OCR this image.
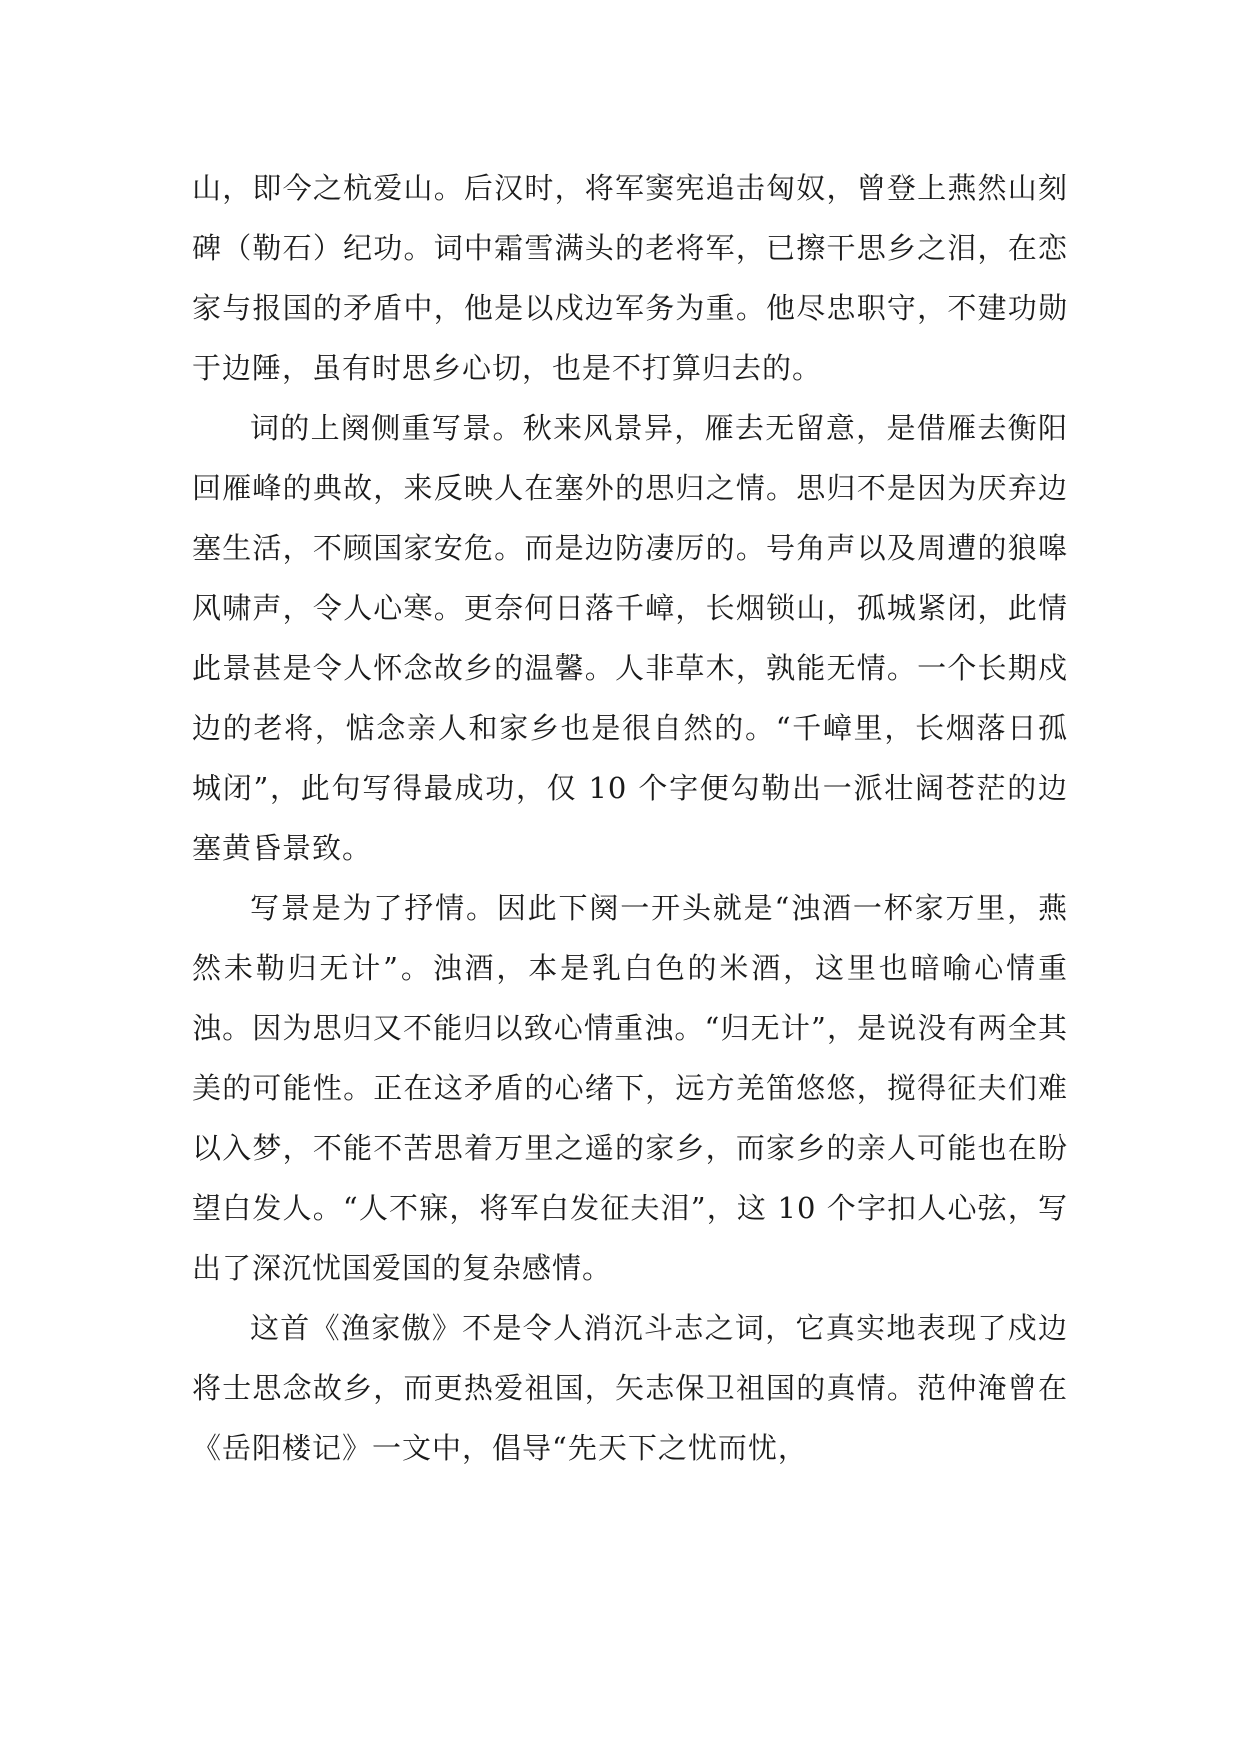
山，即今之杭爱山。后汉时，将军窦宪追击匈奴，曾登上燕然山刻碑（勒石）纪功。词中霜雪满头的老将军，已擦干思乡之泪，在恋家与报国的矛盾中，他是以戍边军务为重。他尽忠职守，不建功勋于边陲，虽有时思乡心切，也是不打算归去的。

词的上阕侧重写景。秋来风景异，雁去无留意，是借雁去衡阳回雁峰的典故，来反映人在塞外的思归之情。思归不是因为厌弃边塞生活，不顾国家安危。而是边防凄厉的。号角声以及周遭的狼嗥风啸声，令人心寒。更奈何日落千嶂，长烟锁山，孤城紧闭，此情此景甚是令人怀念故乡的温馨。人非草木，孰能无情。一个长期戍边的老将，惦念亲人和家乡也是很自然的。“千嶂里，长烟落日孤城闭”，此句写得最成功，仅 10 个字便勾勒出一派壮阔苍茫的边塞黄昏景致。

写景是为了抒情。因此下阕一开头就是“浊酒一杯家万里，燕然未勒归无计”。浊酒，本是乳白色的米酒，这里也暗喻心情重浊。因为思归又不能归以致心情重浊。“归无计”，是说没有两全其美的可能性。正在这矛盾的心绪下，远方羌笛悠悠，搅得征夫们难以入梦，不能不苦思着万里之遥的家乡，而家乡的亲人可能也在盼望白发人。“人不寐，将军白发征夫泪”，这 10 个字扣人心弦，写出了深沉忧国爱国的复杂感情。

这首《渔家傲》不是令人消沉斗志之词，它真实地表现了戍边将士思念故乡，而更热爱祖国，矢志保卫祖国的真情。范仲淹曾在《岳阳楼记》一文中，倡导“先天下之忧而忧，
